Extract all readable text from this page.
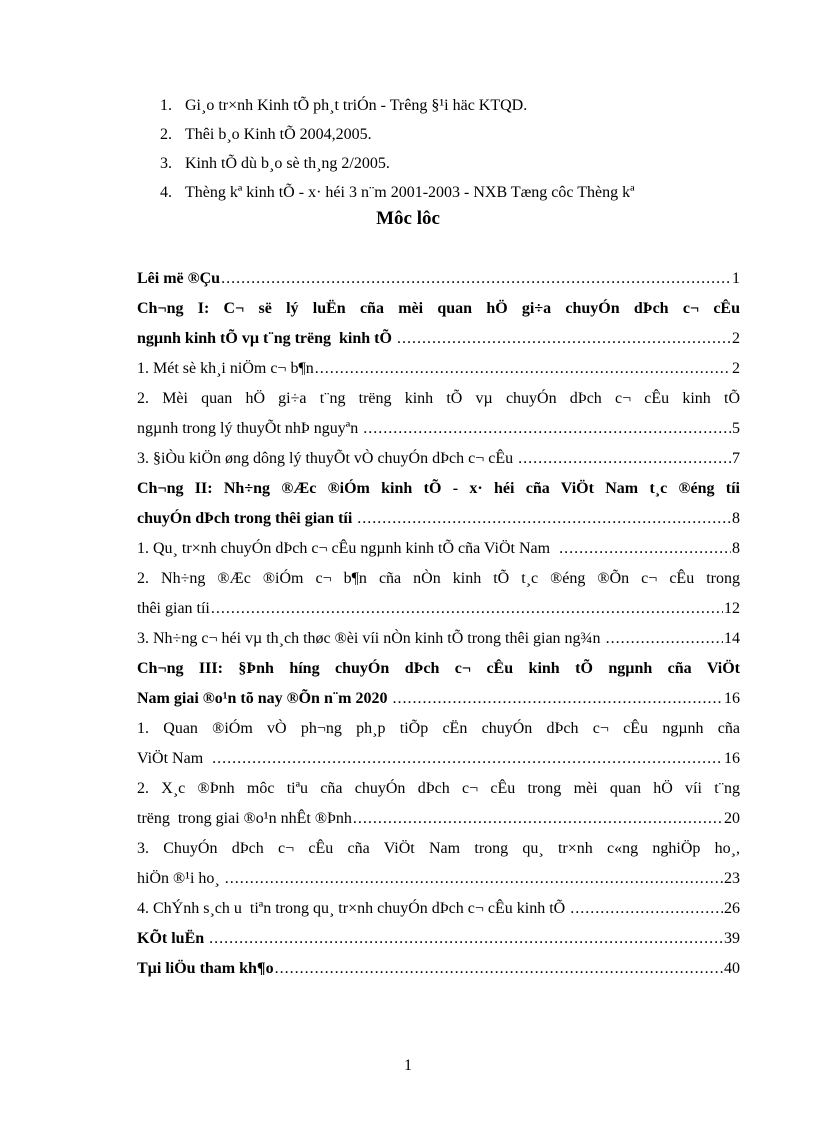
1. Gi¸o tr×nh Kinh tÕ ph¸t triÓn - Trêng §¹i häc KTQD.
2. Thêi b¸o Kinh tÕ 2004,2005.
3. Kinh tÕ dù b¸o sè th¸ng 2/2005.
4. Thèng kª kinh tÕ - x· héi 3 n¨m 2001-2003 - NXB Tæng côc Thèng kª
Môc lôc
Lêi më ®Çu . . .	1
Ch¬ng I: C¬ së lý luËn cña mèi quan hÖ gi÷a chuyÓn dÞch c¬ cÊu
ngµnh kinh tÕ vµ t¨ng trëng  kinh tÕ . . .	2
1. Mét sè kh¸i niÖm c¬ b¶n . . .	2
2. Mèi quan hÖ gi÷a t¨ng trëng kinh tÕ vµ chuyÓn dÞch c¬ cÊu kinh tÕ
ngµnh trong lý thuyÕt nhÞ nguyªn . . .	5
3. §iÒu kiÖn øng dông lý thuyÕt vÒ chuyÓn dÞch c¬ cÊu . . .	7
Ch¬ng II: Nh÷ng ®Æc ®iÓm kinh tÕ - x· héi cña ViÖt Nam t¸c ®éng tíi
chuyÓn dÞch trong thêi gian tíi . . .	8
1. Qu¸ tr×nh chuyÓn dÞch c¬ cÊu ngµnh kinh tÕ cña ViÖt Nam . . .	8
2. Nh÷ng ®Æc ®iÓm c¬ b¶n cña nÒn kinh tÕ t¸c ®éng ®Õn c¬ cÊu trong
thêi gian tíi . . .	12
3. Nh÷ng c¬ héi vµ th¸ch thøc ®èi víi nÒn kinh tÕ trong thêi gian ng¾n . . .	14
Ch¬ng III: §Þnh híng chuyÓn dÞch c¬ cÊu kinh tÕ ngµnh cña ViÖt
Nam giai ®o¹n tõ nay ®Õn n¨m 2020 . . .	16
1. Quan ®iÓm vÒ ph¬ng ph¸p tiÕp cËn chuyÓn dÞch c¬ cÊu ngµnh cña
ViÖt Nam . . .	16
2. X¸c ®Þnh môc tiªu cña chuyÓn dÞch c¬ cÊu trong mèi quan hÖ víi t¨ng
trëng  trong giai ®o¹n nhÊt ®Þnh . . .	20
3. ChuyÓn dÞch c¬ cÊu cña ViÖt Nam trong qu¸ tr×nh c«ng nghiÖp ho¸,
hiÖn ®¹i ho¸ . . .	23
4. ChÝnh s¸ch u  tiªn trong qu¸ tr×nh chuyÓn dÞch c¬ cÊu kinh tÕ . . .	26
KÕt luËn . . .	39
Tµi liÖu tham kh¶o . . .	40
1
